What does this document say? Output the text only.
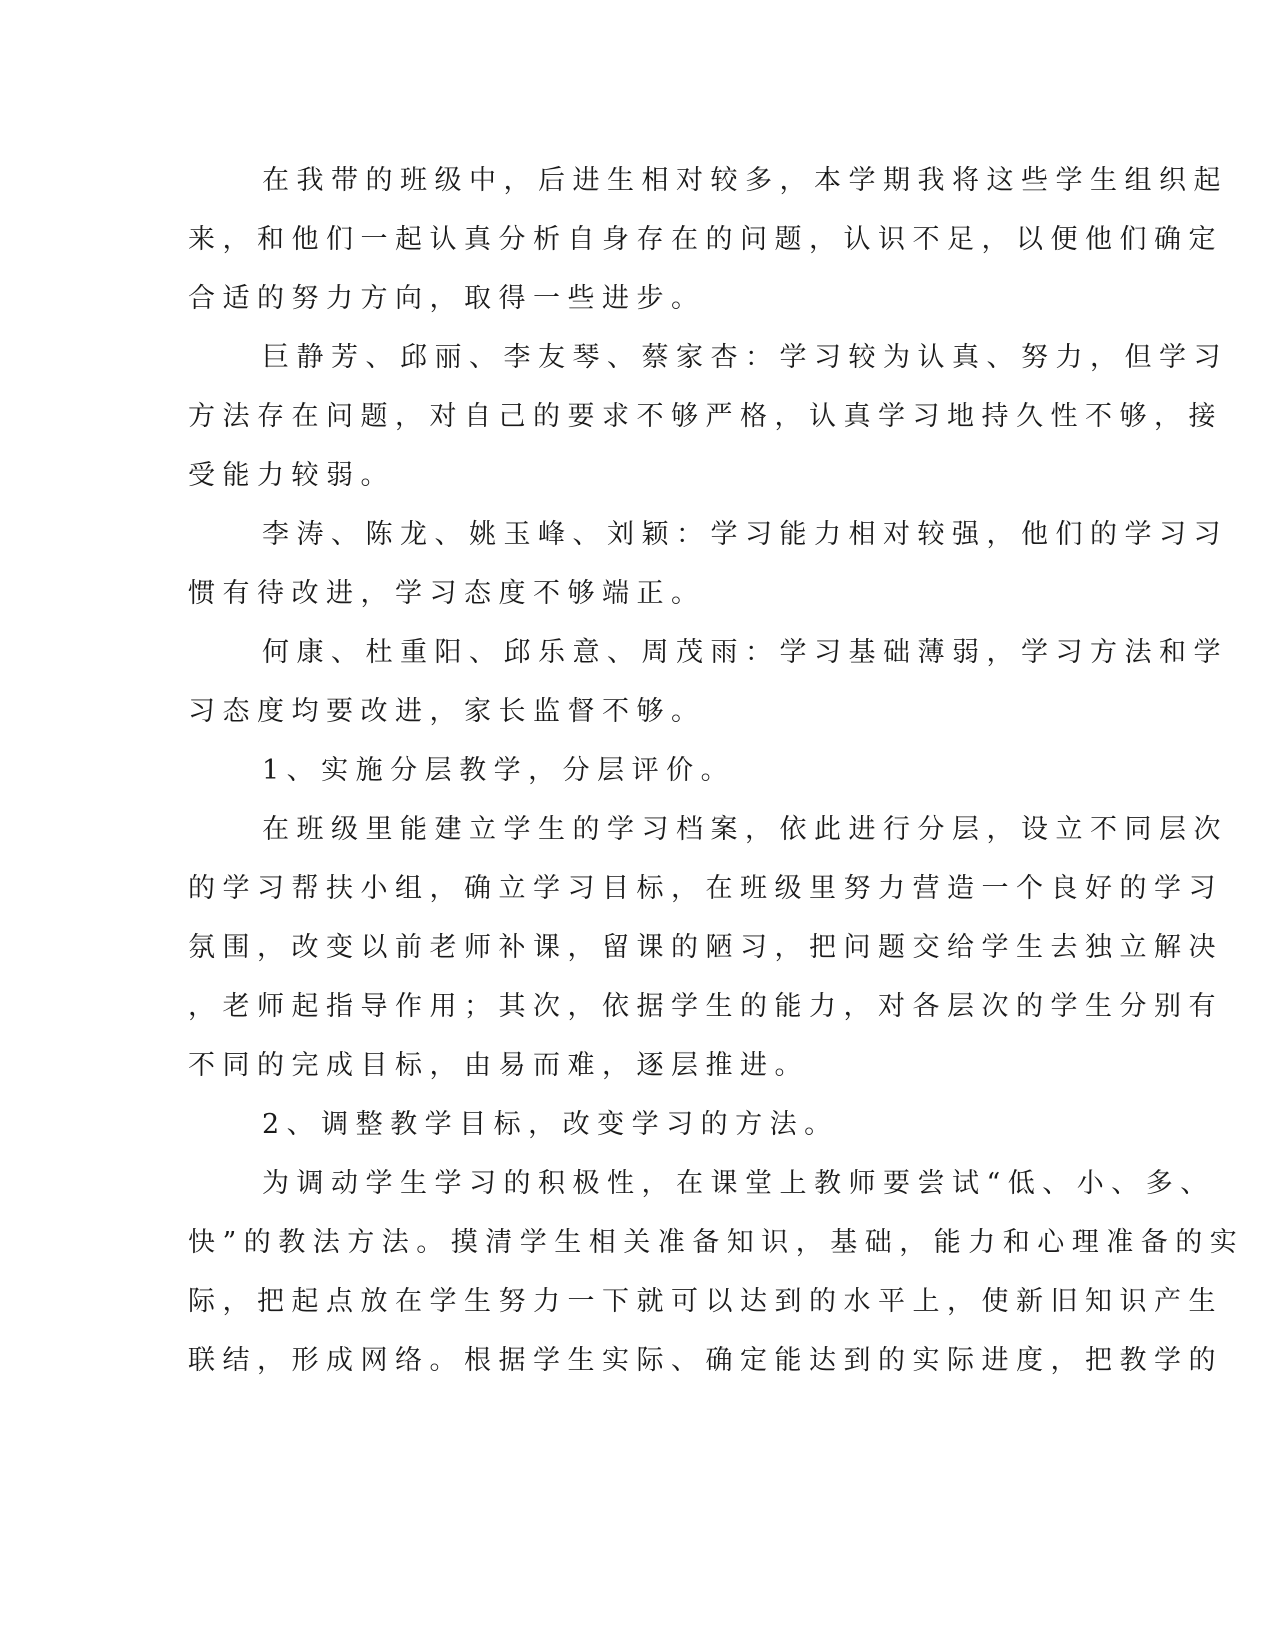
在我带的班级中，后进生相对较多，本学期我将这些学生组织起

来，和他们一起认真分析自身存在的问题，认识不足，以便他们确定

合适的努力方向，取得一些进步。

巨静芳、邱丽、李友琴、蔡家杏：学习较为认真、努力，但学习

方法存在问题，对自己的要求不够严格，认真学习地持久性不够，接

受能力较弱。

李涛、陈龙、姚玉峰、刘颖：学习能力相对较强，他们的学习习

惯有待改进，学习态度不够端正。

何康、杜重阳、邱乐意、周茂雨：学习基础薄弱，学习方法和学

习态度均要改进，家长监督不够。

1、实施分层教学，分层评价。

在班级里能建立学生的学习档案，依此进行分层，设立不同层次

的学习帮扶小组，确立学习目标，在班级里努力营造一个良好的学习

氛围，改变以前老师补课，留课的陋习，把问题交给学生去独立解决

，老师起指导作用；其次，依据学生的能力，对各层次的学生分别有

不同的完成目标，由易而难，逐层推进。

2、调整教学目标，改变学习的方法。

为调动学生学习的积极性，在课堂上教师要尝试“低、小、多、

快”的教法方法。摸清学生相关准备知识，基础，能力和心理准备的实

际，把起点放在学生努力一下就可以达到的水平上，使新旧知识产生

联结，形成网络。根据学生实际、确定能达到的实际进度，把教学的
